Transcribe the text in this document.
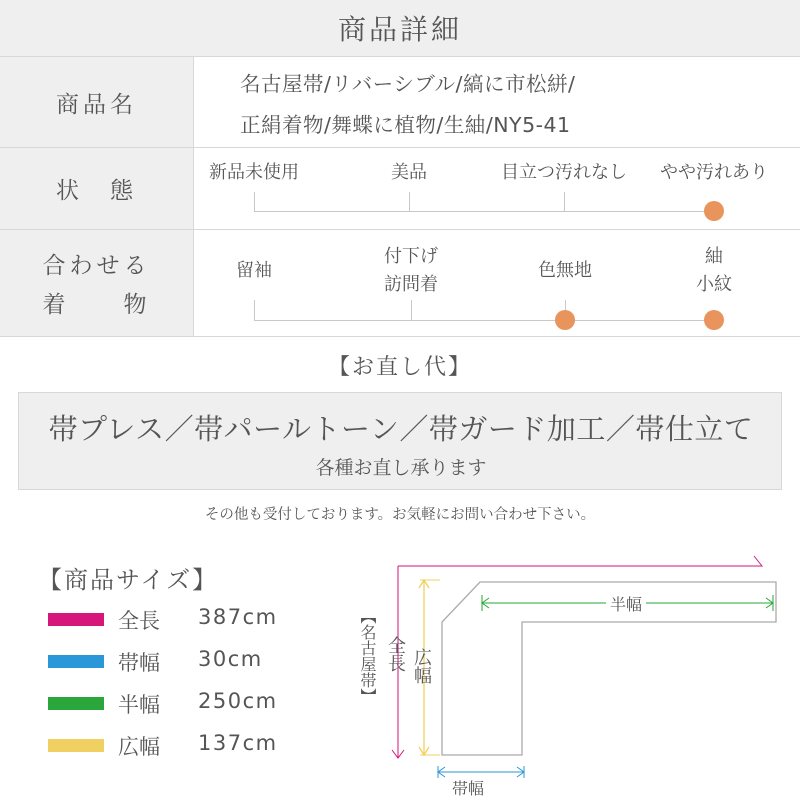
商品詳細
商品名
名古屋帯/リバーシブル/縞に市松絣/
正絹着物/舞蝶に植物/生紬/NY5-41
状　態
新品未使用	美品	目立つ汚れなし やや汚れあり
合わせる
着　　物
留袖
付下げ
訪問着
色無地
紬
小紋
【お直し代】
帯プレス／帯パールトーン／帯ガード加工／帯仕立て
各種お直し承ります
その他も受付しております。お気軽にお問い合わせ下さい。
【商品サイズ】
全長 387cm
帯幅 30cm
半幅 250cm
広幅 137cm
【名古屋帯】 全長 広幅
半幅
帯幅
